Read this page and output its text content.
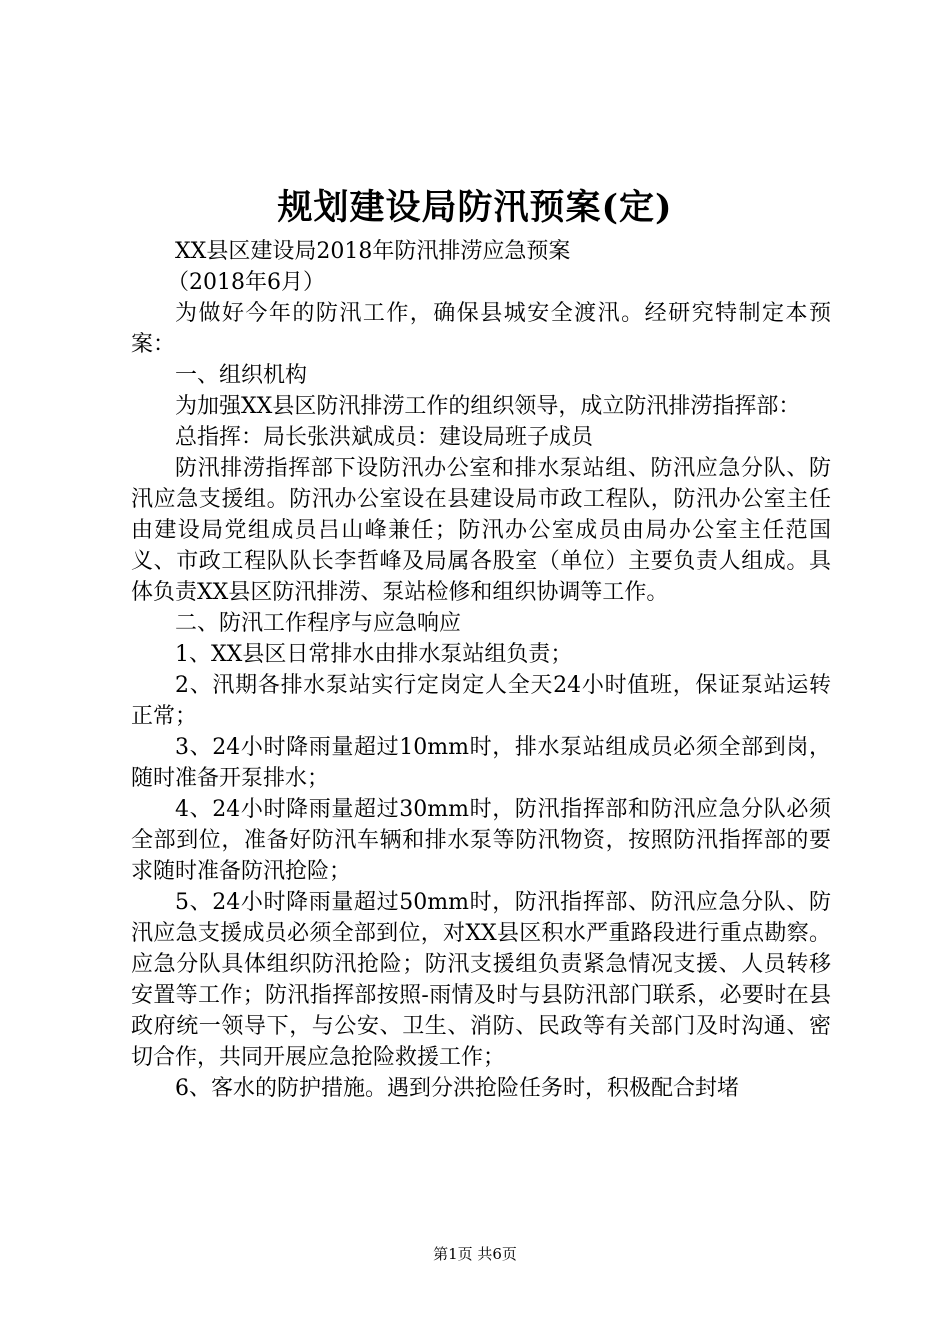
规划建设局防汛预案(定)

XX县区建设局2018年防汛排涝应急预案

（2018年6月）

为做好今年的防汛工作，确保县城安全渡汛。经研究特制定本预案：

一、组织机构

为加强XX县区防汛排涝工作的组织领导，成立防汛排涝指挥部：

总指挥：局长张洪斌成员：建设局班子成员

防汛排涝指挥部下设防汛办公室和排水泵站组、防汛应急分队、防汛应急支援组。防汛办公室设在县建设局市政工程队，防汛办公室主任由建设局党组成员吕山峰兼任；防汛办公室成员由局办公室主任范国义、市政工程队队长李哲峰及局属各股室（单位）主要负责人组成。具体负责XX县区防汛排涝、泵站检修和组织协调等工作。

二、防汛工作程序与应急响应

1、XX县区日常排水由排水泵站组负责；

2、汛期各排水泵站实行定岗定人全天24小时值班，保证泵站运转正常；

3、24小时降雨量超过10mm时，排水泵站组成员必须全部到岗，随时准备开泵排水；

4、24小时降雨量超过30mm时，防汛指挥部和防汛应急分队必须全部到位，准备好防汛车辆和排水泵等防汛物资，按照防汛指挥部的要求随时准备防汛抢险；

5、24小时降雨量超过50mm时，防汛指挥部、防汛应急分队、防汛应急支援成员必须全部到位，对XX县区积水严重路段进行重点勘察。应急分队具体组织防汛抢险；防汛支援组负责紧急情况支援、人员转移安置等工作；防汛指挥部按照-雨情及时与县防汛部门联系，必要时在县政府统一领导下，与公安、卫生、消防、民政等有关部门及时沟通、密切合作，共同开展应急抢险救援工作；

6、客水的防护措施。遇到分洪抢险任务时，积极配合封堵

第1页 共6页
